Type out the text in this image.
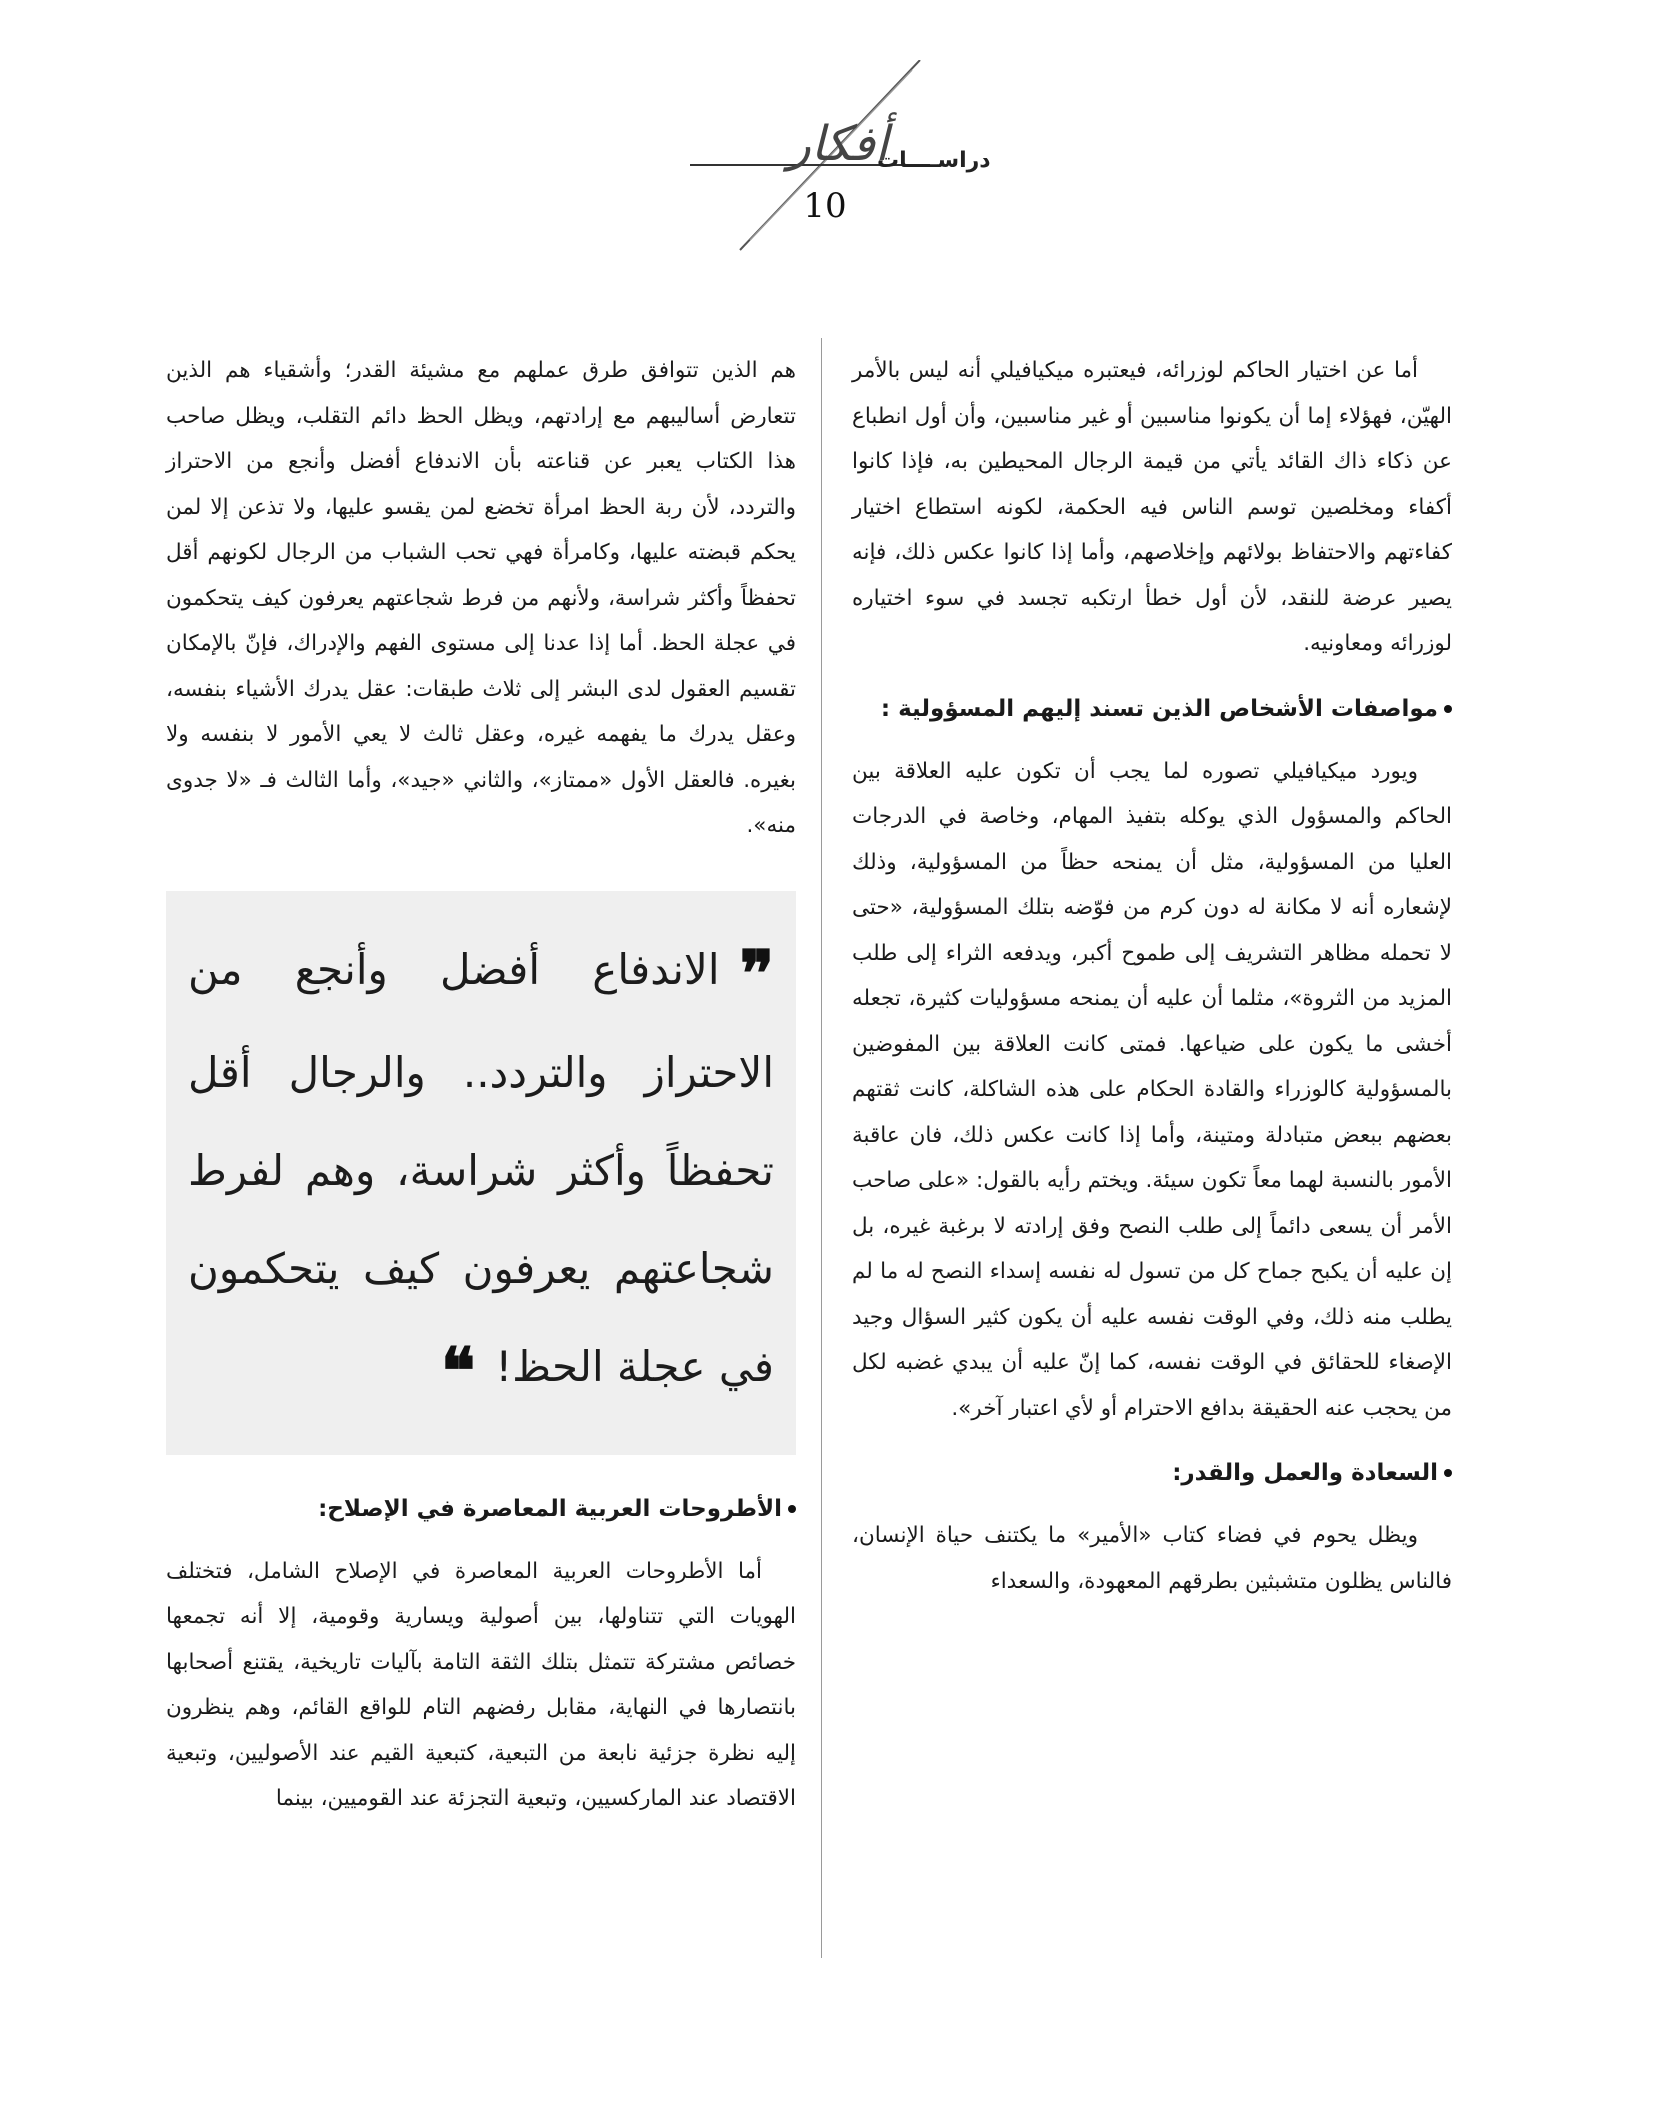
أفكار
دراســــات
10

أما عن اختيار الحاكم لوزرائه، فيعتبره ميكيافيلي أنه ليس بالأمر الهيّن، فهؤلاء إما أن يكونوا مناسبين أو غير مناسبين، وأن أول انطباع عن ذكاء ذاك القائد يأتي من قيمة الرجال المحيطين به، فإذا كانوا أكفاء ومخلصين توسم الناس فيه الحكمة، لكونه استطاع اختيار كفاءتهم والاحتفاظ بولائهم وإخلاصهم، وأما إذا كانوا عكس ذلك، فإنه يصير عرضة للنقد، لأن أول خطأ ارتكبه تجسد في سوء اختياره لوزرائه ومعاونيه.

مواصفات الأشخاص الذين تسند إليهم المسؤولية :

ويورد ميكيافيلي تصوره لما يجب أن تكون عليه العلاقة بين الحاكم والمسؤول الذي يوكله بتفيذ المهام، وخاصة في الدرجات العليا من المسؤولية، مثل أن يمنحه حظاً من المسؤولية، وذلك لإشعاره أنه لا مكانة له دون كرم من فوّضه بتلك المسؤولية، «حتى لا تحمله مظاهر التشريف إلى طموح أكبر، ويدفعه الثراء إلى طلب المزيد من الثروة»، مثلما أن عليه أن يمنحه مسؤوليات كثيرة، تجعله أخشى ما يكون على ضياعها. فمتى كانت العلاقة بين المفوضين بالمسؤولية كالوزراء والقادة الحكام على هذه الشاكلة، كانت ثقتهم بعضهم ببعض متبادلة ومتينة، وأما إذا كانت عكس ذلك، فان عاقبة الأمور بالنسبة لهما معاً تكون سيئة. ويختم رأيه بالقول: «على صاحب الأمر أن يسعى دائماً إلى طلب النصح وفق إرادته لا برغبة غيره، بل إن عليه أن يكبح جماح كل من تسول له نفسه إسداء النصح له ما لم يطلب منه ذلك، وفي الوقت نفسه عليه أن يكون كثير السؤال وجيد الإصغاء للحقائق في الوقت نفسه، كما إنّ عليه أن يبدي غضبه لكل من يحجب عنه الحقيقة بدافع الاحترام أو لأي اعتبار آخر».

السعادة والعمل والقدر:

ويظل يحوم في فضاء كتاب «الأمير» ما يكتنف حياة الإنسان، فالناس يظلون متشبثين بطرقهم المعهودة، والسعداء

هم الذين تتوافق طرق عملهم مع مشيئة القدر؛ وأشقياء هم الذين تتعارض أساليبهم مع إرادتهم، ويظل الحظ دائم التقلب، ويظل صاحب هذا الكتاب يعبر عن قناعته بأن الاندفاع أفضل وأنجع من الاحتراز والتردد، لأن ربة الحظ امرأة تخضع لمن يقسو عليها، ولا تذعن إلا لمن يحكم قبضته عليها، وكامرأة فهي تحب الشباب من الرجال لكونهم أقل تحفظاً وأكثر شراسة، ولأنهم من فرط شجاعتهم يعرفون كيف يتحكمون في عجلة الحظ. أما إذا عدنا إلى مستوى الفهم والإدراك، فإنّ بالإمكان تقسيم العقول لدى البشر إلى ثلاث طبقات: عقل يدرك الأشياء بنفسه، وعقل يدرك ما يفهمه غيره، وعقل ثالث لا يعي الأمور لا بنفسه ولا بغيره. فالعقل الأول «ممتاز»، والثاني «جيد»، وأما الثالث فـ «لا جدوى منه».

❞الاندفاع أفضل وأنجع من الاحتراز والتردد.. والرجال أقل تحفظاً وأكثر شراسة، وهم لفرط شجاعتهم يعرفون كيف يتحكمون في عجلة الحظ!❝

الأطروحات العربية المعاصرة في الإصلاح:

أما الأطروحات العربية المعاصرة في الإصلاح الشامل، فتختلف الهويات التي تتناولها، بين أصولية ويسارية وقومية، إلا أنه تجمعها خصائص مشتركة تتمثل بتلك الثقة التامة بآليات تاريخية، يقتنع أصحابها بانتصارها في النهاية، مقابل رفضهم التام للواقع القائم، وهم ينظرون إليه نظرة جزئية نابعة من التبعية، كتبعية القيم عند الأصوليين، وتبعية الاقتصاد عند الماركسيين، وتبعية التجزئة عند القوميين، بينما
